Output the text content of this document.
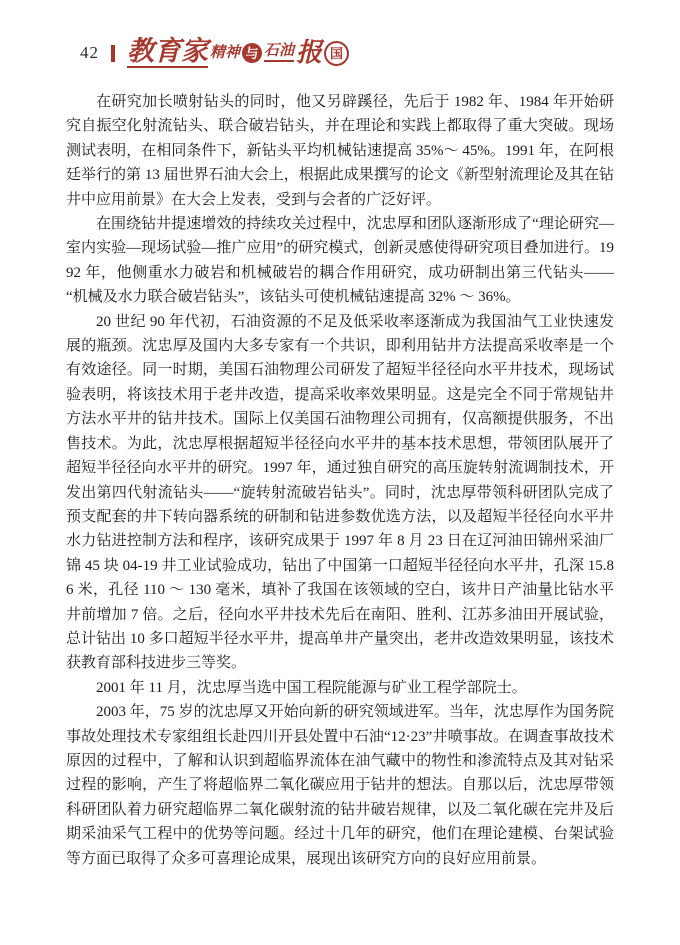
42 教育家 精神 与 石油 报 国

在研究加长喷射钻头的同时，他又另辟蹊径，先后于 1982 年、1984 年开始研究自振空化射流钻头、联合破岩钻头，并在理论和实践上都取得了重大突破。现场测试表明，在相同条件下，新钻头平均机械钻速提高 35%～ 45%。1991 年，在阿根廷举行的第 13 届世界石油大会上，根据此成果撰写的论文《新型射流理论及其在钻井中应用前景》在大会上发表，受到与会者的广泛好评。

在围绕钻井提速增效的持续攻关过程中，沈忠厚和团队逐渐形成了“理论研究—室内实验—现场试验—推广应用”的研究模式，创新灵感使得研究项目叠加进行。1992 年，他侧重水力破岩和机械破岩的耦合作用研究，成功研制出第三代钻头——“机械及水力联合破岩钻头”，该钻头可使机械钻速提高 32% ～ 36%。

20 世纪 90 年代初，石油资源的不足及低采收率逐渐成为我国油气工业快速发展的瓶颈。沈忠厚及国内大多专家有一个共识，即利用钻井方法提高采收率是一个有效途径。同一时期，美国石油物理公司研发了超短半径径向水平井技术，现场试验表明，将该技术用于老井改造，提高采收率效果明显。这是完全不同于常规钻井方法水平井的钻井技术。国际上仅美国石油物理公司拥有，仅高额提供服务，不出售技术。为此，沈忠厚根据超短半径径向水平井的基本技术思想，带领团队展开了超短半径径向水平井的研究。1997 年，通过独自研究的高压旋转射流调制技术，开发出第四代射流钻头——“旋转射流破岩钻头”。同时，沈忠厚带领科研团队完成了预支配套的井下转向器系统的研制和钻进参数优选方法，以及超短半径径向水平井水力钻进控制方法和程序，该研究成果于 1997 年 8 月 23 日在辽河油田锦州采油厂锦 45 块 04-19 井工业试验成功，钻出了中国第一口超短半径径向水平井，孔深 15.86 米，孔径 110 ～ 130 毫米，填补了我国在该领域的空白，该井日产油量比钻水平井前增加 7 倍。之后，径向水平井技术先后在南阳、胜利、江苏多油田开展试验，总计钻出 10 多口超短半径水平井，提高单井产量突出，老井改造效果明显，该技术获教育部科技进步三等奖。

2001 年 11 月，沈忠厚当选中国工程院能源与矿业工程学部院士。

2003 年，75 岁的沈忠厚又开始向新的研究领域进军。当年，沈忠厚作为国务院事故处理技术专家组组长赴四川开县处置中石油“12·23”井喷事故。在调查事故技术原因的过程中，了解和认识到超临界流体在油气藏中的物性和渗流特点及其对钻采过程的影响，产生了将超临界二氧化碳应用于钻井的想法。自那以后，沈忠厚带领科研团队着力研究超临界二氧化碳射流的钻井破岩规律，以及二氧化碳在完井及后期采油采气工程中的优势等问题。经过十几年的研究，他们在理论建模、台架试验等方面已取得了众多可喜理论成果，展现出该研究方向的良好应用前景。
